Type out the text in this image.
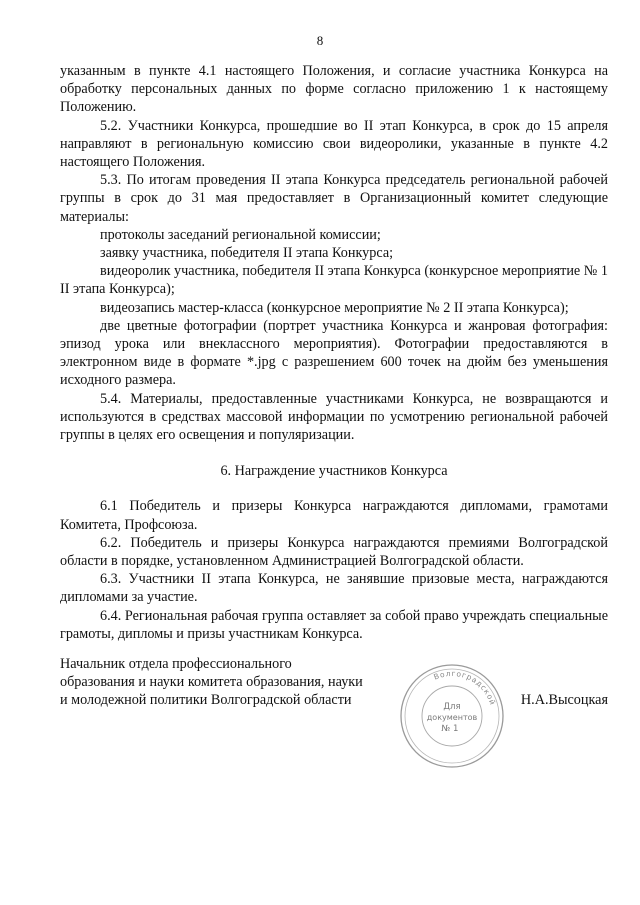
8

указанным в пункте 4.1 настоящего Положения, и согласие участника Конкурса на обработку персональных данных по форме согласно приложению 1 к настоящему Положению.

5.2. Участники Конкурса, прошедшие во II этап Конкурса, в срок до 15 апреля направляют в региональную комиссию свои видеоролики, указанные в пункте 4.2 настоящего Положения.

5.3. По итогам проведения II этапа Конкурса председатель региональной рабочей группы в срок до 31 мая предоставляет в Организационный комитет следующие материалы:

протоколы заседаний региональной комиссии;

заявку участника, победителя II этапа Конкурса;

видеоролик участника, победителя II этапа Конкурса (конкурсное мероприятие № 1 II этапа Конкурса);

видеозапись мастер-класса (конкурсное мероприятие № 2 II этапа Конкурса);

две цветные фотографии (портрет участника Конкурса и жанровая фотография: эпизод урока или внеклассного мероприятия). Фотографии предоставляются в электронном виде в формате *.jpg с разрешением 600 точек на дюйм без уменьшения исходного размера.

5.4. Материалы, предоставленные участниками Конкурса, не возвращаются и используются в средствах массовой информации по усмотрению региональной рабочей группы в целях его освещения и популяризации.

6. Награждение участников Конкурса

6.1 Победитель и призеры Конкурса награждаются дипломами, грамотами Комитета, Профсоюза.

6.2. Победитель и призеры Конкурса награждаются премиями Волгоградской области в порядке, установленном Администрацией Волгоградской области.

6.3. Участники II этапа Конкурса, не занявшие призовые места, награждаются дипломами за участие.

6.4. Региональная рабочая группа оставляет за собой право учреждать специальные грамоты, дипломы и призы участникам Конкурса.

Начальник отдела профессионального

образования и науки комитета образования, науки

и молодежной политики Волгоградской области	Н.А.Высоцкая
Волгоградской
Для
документов
№ 1
